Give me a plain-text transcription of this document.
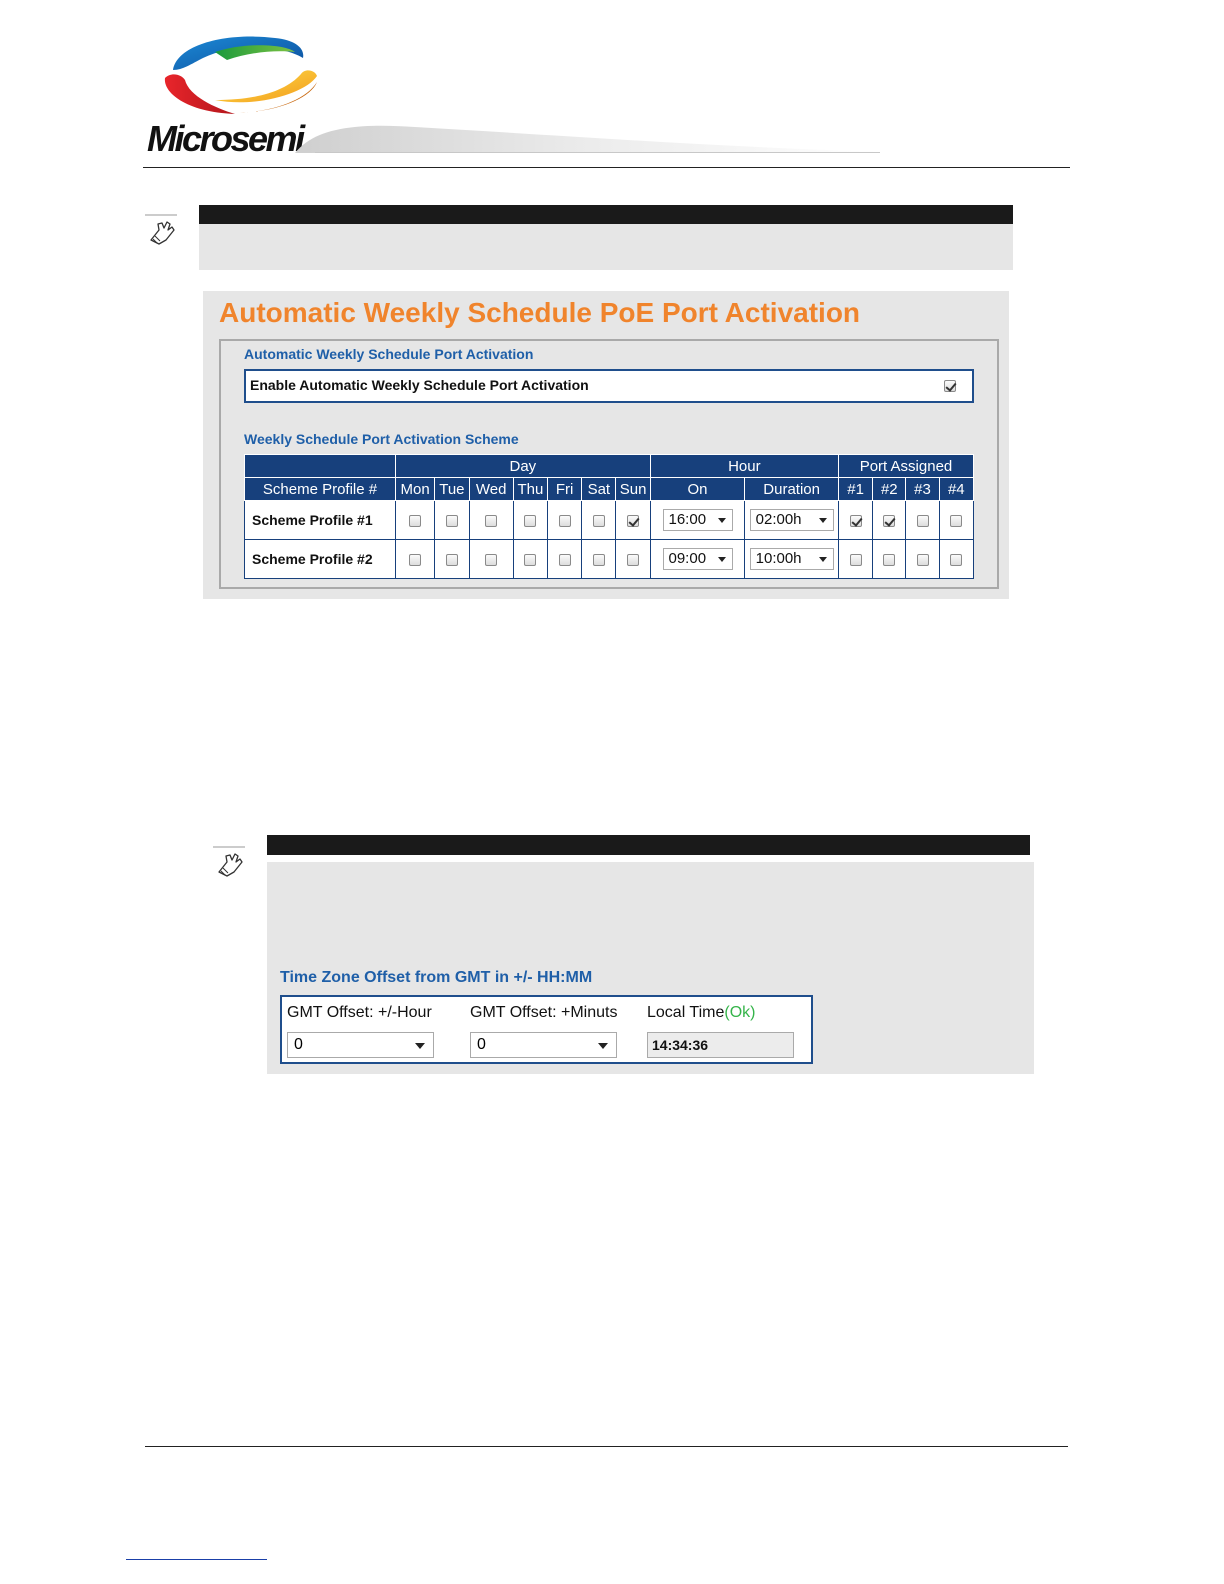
Microsemi
Automatic Weekly Schedule PoE Port Activation
Automatic Weekly Schedule Port Activation
Enable Automatic Weekly Schedule Port Activation
Weekly Schedule Port Activation Scheme
	Day							Hour		Port Assigned			
Scheme Profile #	Mon	Tue	Wed	Thu	Fri	Sat	Sun	On	Duration	#1	#2	#3	#4
Scheme Profile #1								16:00	02:00h

Scheme Profile #2								09:00	10:00h

Time Zone Offset from GMT in +/- HH:MM
GMT Offset: +/-Hour GMT Offset: +Minuts Local Time(Ok)
0	0	14:34:36
